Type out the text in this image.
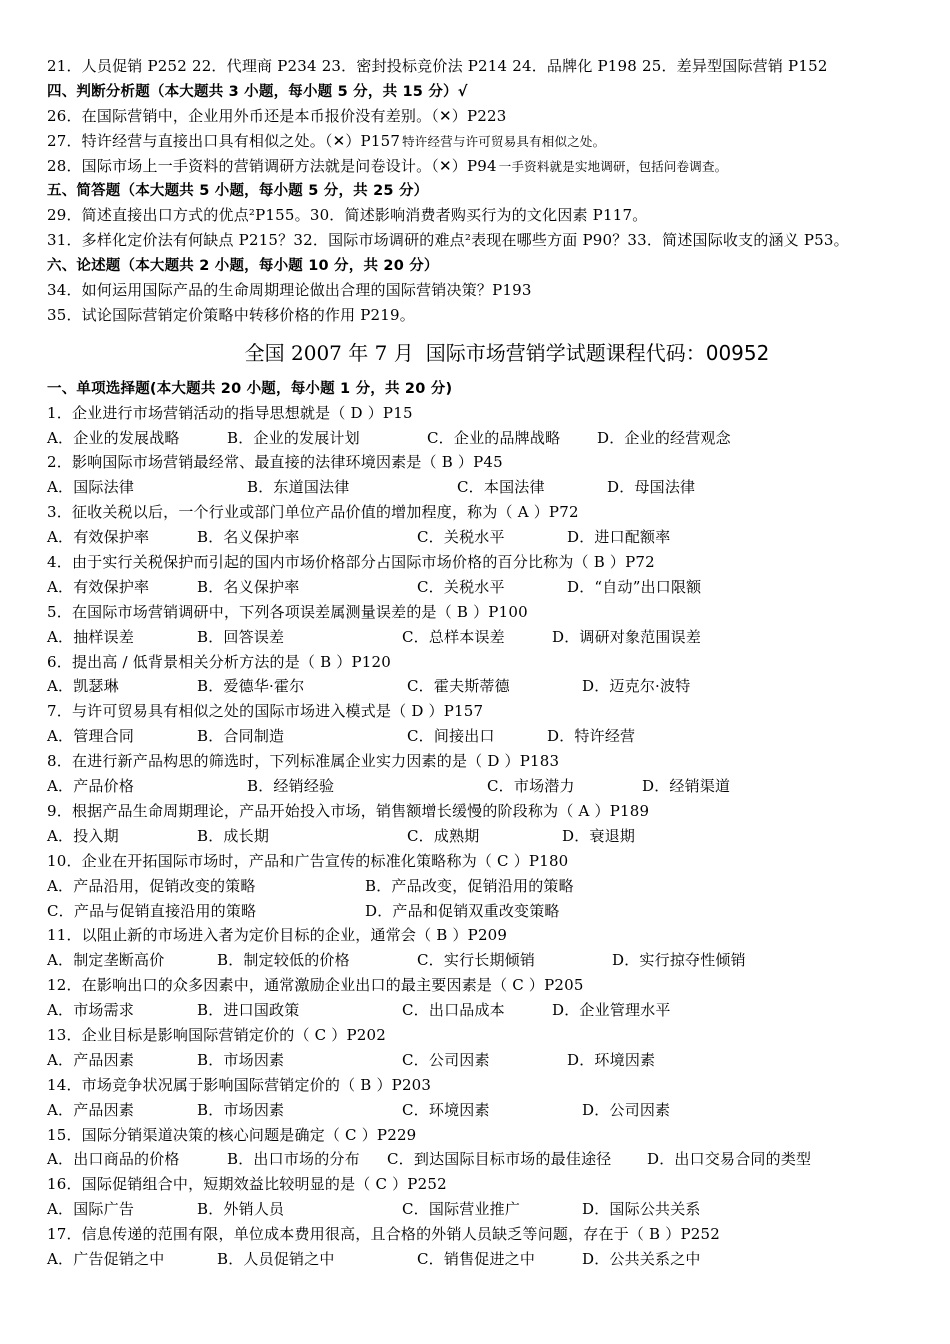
21．人员促销 P252 22．代理商 P234 23．密封投标竞价法 P214 24．品牌化 P198 25．差异型国际营销 P152
四、判断分析题（本大题共 3 小题，每小题 5 分，共 15 分）√
26．在国际营销中，企业用外币还是本币报价没有差别。（✕）P223
27．特许经营与直接出口具有相似之处。（✕）P157 特许经营与许可贸易具有相似之处。
28．国际市场上一手资料的营销调研方法就是问卷设计。（✕）P94 一手资料就是实地调研，包括问卷调查。
五、简答题（本大题共 5 小题，每小题 5 分，共 25 分）
29．简述直接出口方式的优点²P155。30．简述影响消费者购买行为的文化因素 P117。
31．多样化定价法有何缺点 P215？32．国际市场调研的难点²表现在哪些方面 P90？33．简述国际收支的涵义 P53。
六、论述题（本大题共 2 小题，每小题 10 分，共 20 分）
34．如何运用国际产品的生命周期理论做出合理的国际营销决策？P193
35．试论国际营销定价策略中转移价格的作用 P219。
全国 2007 年 7 月 国际市场营销学试题 课程代码：00952
一、单项选择题(本大题共 20 小题，每小题 1 分，共 20 分)
1．企业进行市场营销活动的指导思想就是（ D ）P15
A．企业的发展战略	B．企业的发展计划	C．企业的品牌战略	D．企业的经营观念
2．影响国际市场营销最经常、最直接的法律环境因素是（ B ）P45
A．国际法律	B．东道国法律	C．本国法律	D．母国法律
3．征收关税以后，一个行业或部门单位产品价值的增加程度，称为（ A ）P72
A．有效保护率	B．名义保护率	C．关税水平	D．进口配额率
4．由于实行关税保护而引起的国内市场价格部分占国际市场价格的百分比称为（ B ）P72
A．有效保护率	B．名义保护率	C．关税水平	D．“自动”出口限额
5．在国际市场营销调研中，下列各项误差属测量误差的是（ B ）P100
A．抽样误差	B．回答误差	C．总样本误差	D．调研对象范围误差
6．提出高 / 低背景相关分析方法的是（ B ）P120
A．凯瑟琳	B．爱德华·霍尔	C．霍夫斯蒂德	D．迈克尔·波特
7．与许可贸易具有相似之处的国际市场进入模式是（ D ）P157
A．管理合同	B．合同制造	C．间接出口	D．特许经营
8．在进行新产品构思的筛选时，下列标准属企业实力因素的是（ D ）P183
A．产品价格	B．经销经验	C．市场潜力	D．经销渠道
9．根据产品生命周期理论，产品开始投入市场，销售额增长缓慢的阶段称为（ A ）P189
A．投入期	B．成长期	C．成熟期	D．衰退期
10．企业在开拓国际市场时，产品和广告宣传的标准化策略称为（ C ）P180
A．产品沿用，促销改变的策略	B．产品改变，促销沿用的策略
C．产品与促销直接沿用的策略	D．产品和促销双重改变策略
11．以阻止新的市场进入者为定价目标的企业，通常会（ B ）P209
A．制定垄断高价	B．制定较低的价格	C．实行长期倾销	D．实行掠夺性倾销
12．在影响出口的众多因素中，通常激励企业出口的最主要因素是（ C ）P205
A．市场需求	B．进口国政策	C．出口品成本	D．企业管理水平
13．企业目标是影响国际营销定价的（ C ）P202
A．产品因素	B．市场因素	C．公司因素	D．环境因素
14．市场竞争状况属于影响国际营销定价的（ B ）P203
A．产品因素	B．市场因素	C．环境因素	D．公司因素
15．国际分销渠道决策的核心问题是确定（ C ）P229
A．出口商品的价格	B．出口市场的分布	C．到达国际目标市场的最佳途径	D．出口交易合同的类型
16．国际促销组合中，短期效益比较明显的是（ C ）P252
A．国际广告	B．外销人员	C．国际营业推广	D．国际公共关系
17．信息传递的范围有限，单位成本费用很高，且合格的外销人员缺乏等问题，存在于（ B ）P252
A．广告促销之中	B．人员促销之中	C．销售促进之中	D．公共关系之中
